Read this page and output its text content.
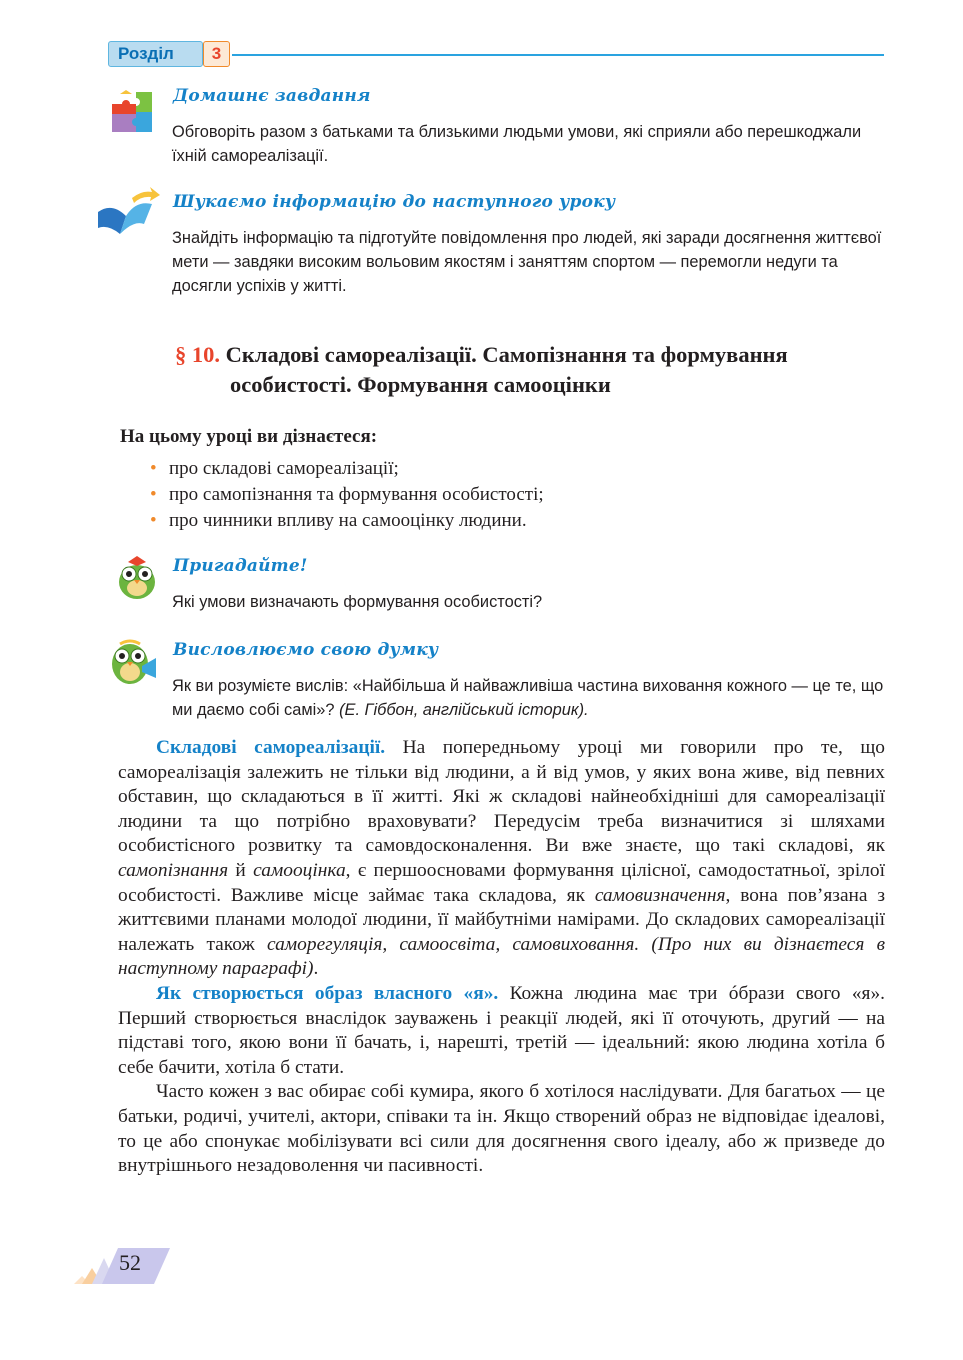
Розділ	3
Домашнє завдання
Обговоріть разом з батьками та близькими людьми умови, які сприяли або перешкоджали їхній самореалізації.
Шукаємо інформацію до наступного уроку
Знайдіть інформацію та підготуйте повідомлення про людей, які заради досягнення життєвої мети — завдяки високим вольовим якостям і заняттям спортом — перемогли недуги та досягли успіхів у житті.
§ 10. Складові самореалізації. Самопізнання та формування
особистості. Формування самооцінки
На цьому уроці ви дізнаєтеся:
• про складові самореалізації;
• про самопізнання та формування особистості;
• про чинники впливу на самооцінку людини.
Пригадайте!
Які умови визначають формування особистості?
Висловлюємо свою думку
Як ви розумієте вислів: «Найбільша й найважливіша частина виховання кожного — це те, що ми даємо собі самі»? (Е. Гіббон, англійський історик).

Складові самореалізації. На попередньому уроці ми говорили про те, що самореалізація залежить не тільки від людини, а й від умов, у яких вона живе, від певних обставин, що складаються в її житті. Які ж складові найнеобхідніші для самореалізації людини та що потрібно враховувати? Передусім треба визначитися зі шляхами особистісного розвитку та самовдосконалення. Ви вже знаєте, що такі складові, як самопізнання й самооцінка, є першоосновами формування цілісної, самодостатньої, зрілої особистості. Важливе місце займає така складова, як самовизначення, вона пов’язана з життєвими планами молодої людини, її майбутніми намірами. До складових самореалізації належать також саморегуляція, самоосвіта, самовиховання. (Про них ви дізнаєтеся в наступному параграфі).

Як створюється образ власного «я». Кожна людина має три óбрази свого «я». Перший створюється внаслідок зауважень і реакції людей, які її оточують, другий — на підставі того, якою вони її бачать, і, нарешті, третій — ідеальний: якою людина хотіла б себе бачити, хотіла б стати.

Часто кожен з вас обирає собі кумира, якого б хотілося наслідувати. Для багатьох — це батьки, родичі, учителі, актори, співаки та ін. Якщо створений образ не відповідає ідеалові, то це або спонукає мобілізувати всі сили для досягнення свого ідеалу, або ж призведе до внутрішнього незадоволення чи пасивності.

52
